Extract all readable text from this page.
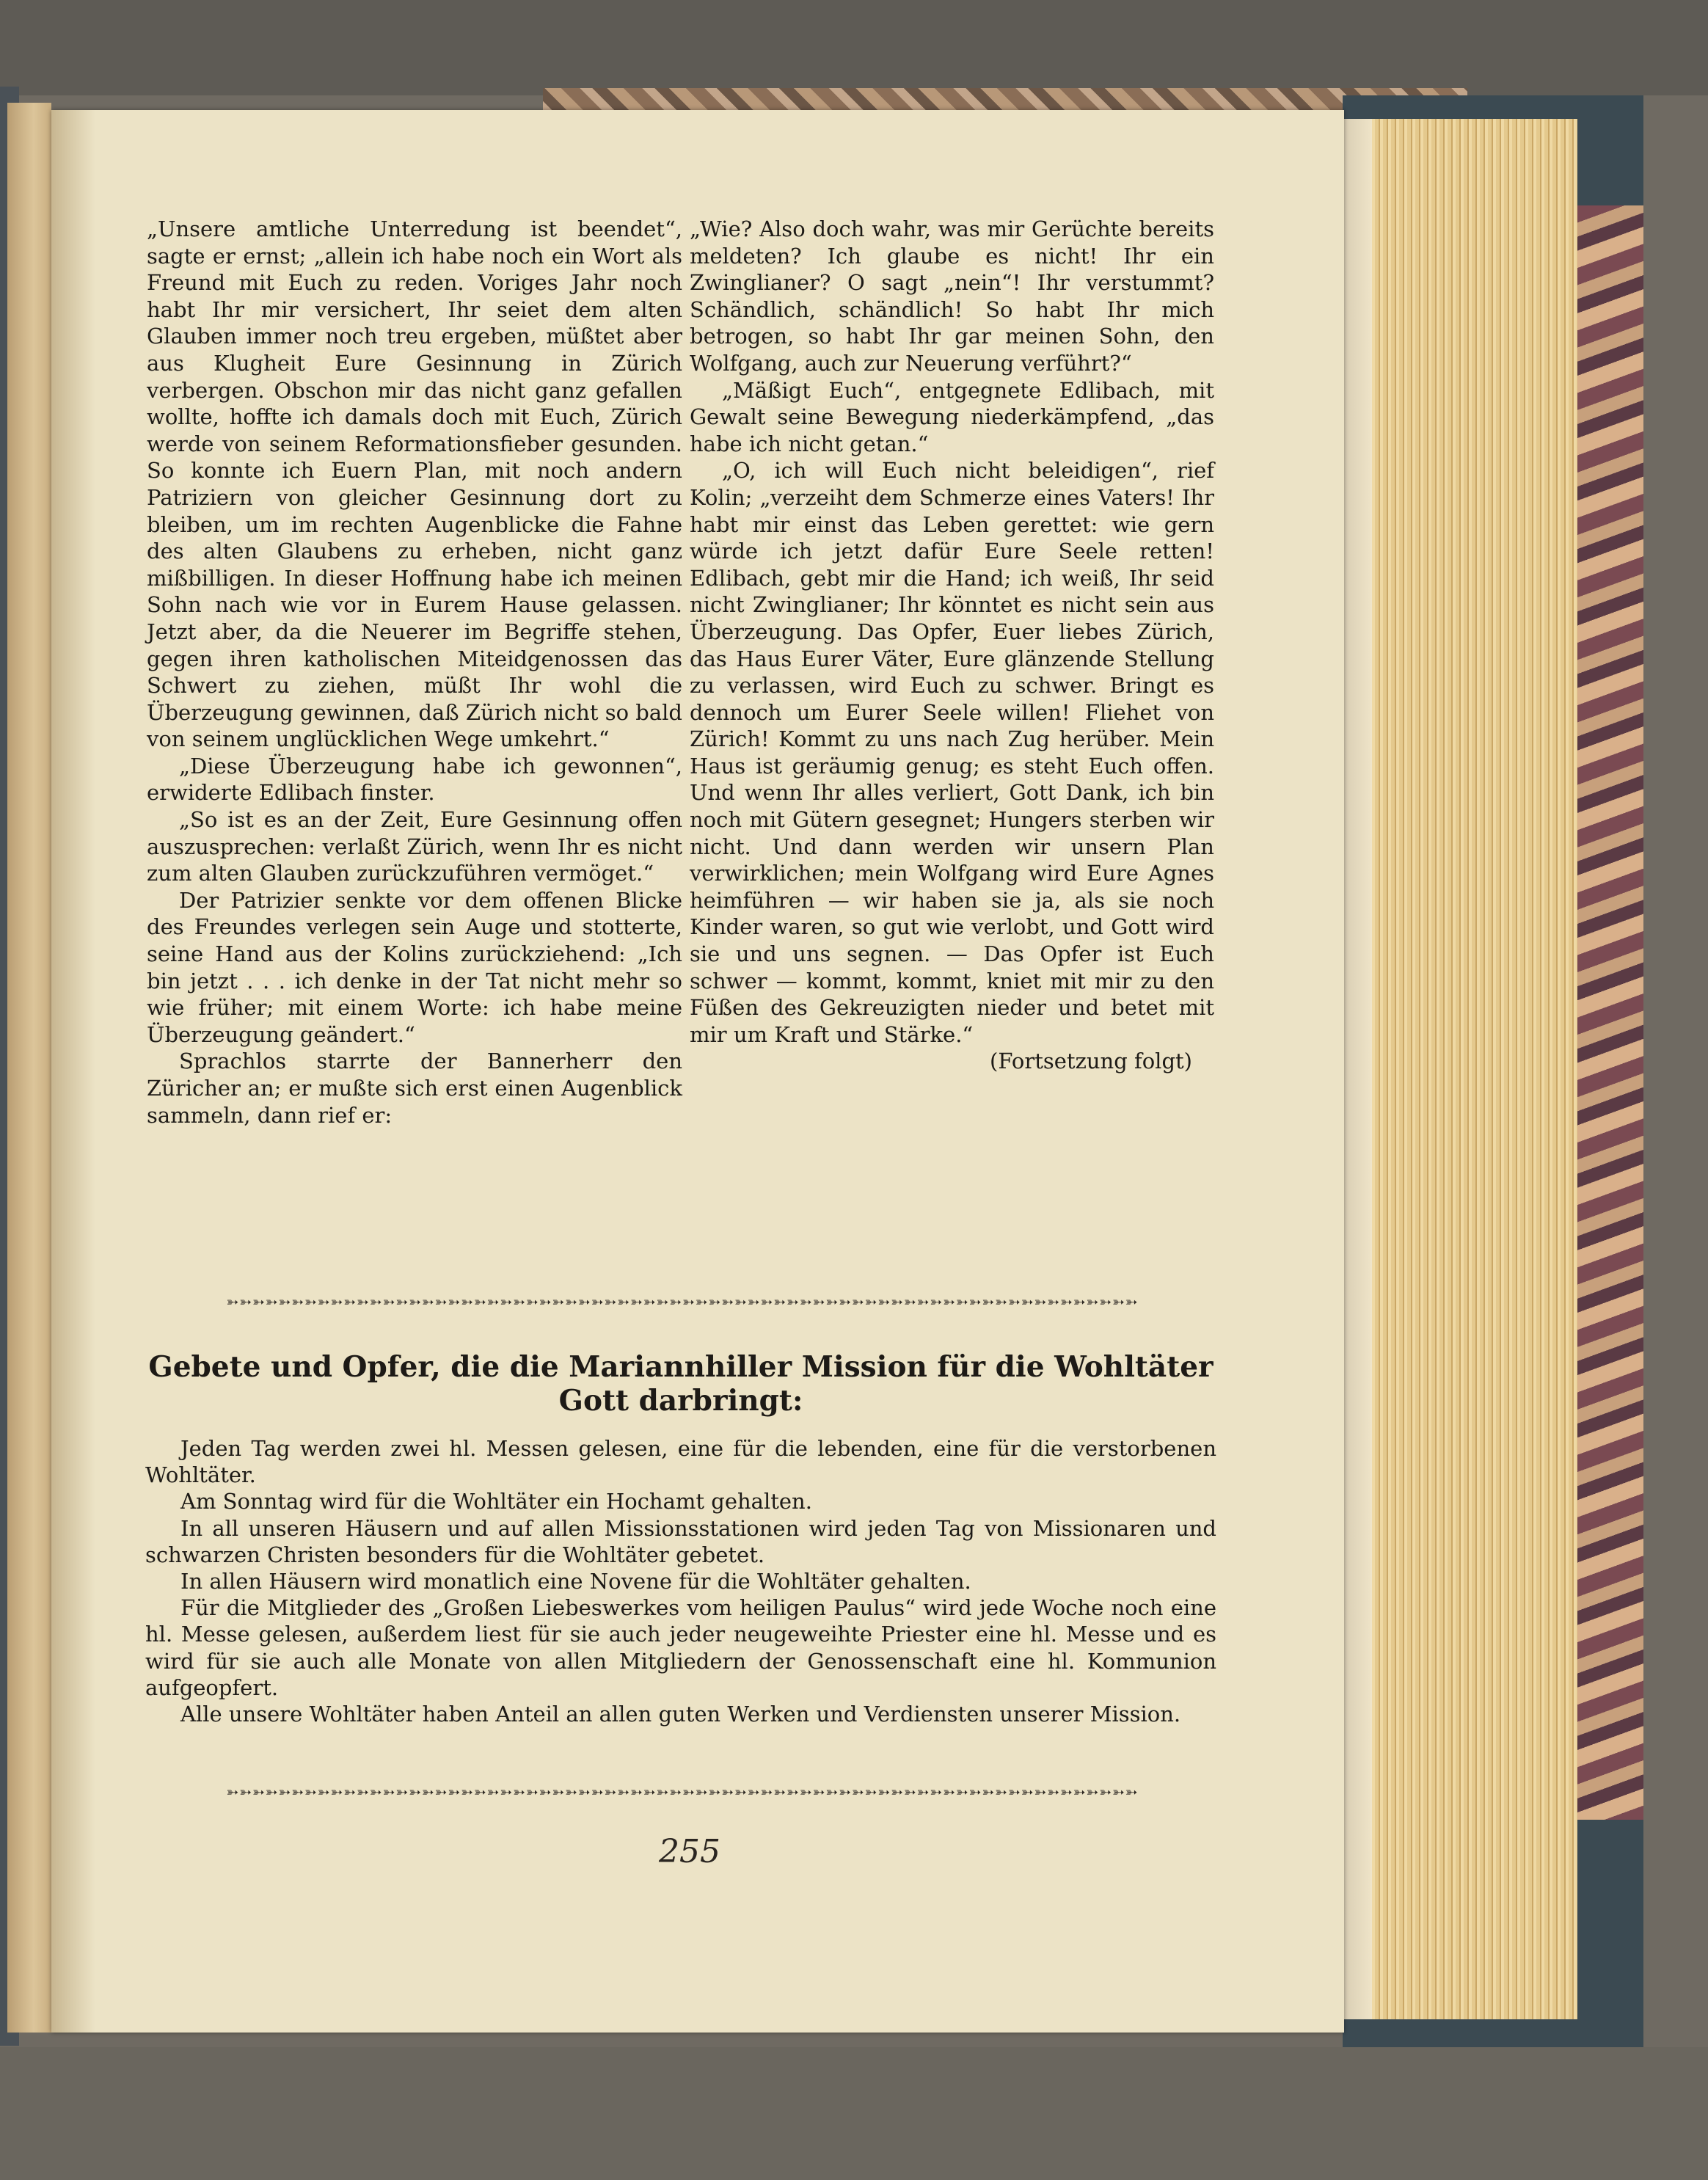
„Unsere amtliche Unterredung ist beendet“, sagte er ernst; „allein ich habe noch ein Wort als Freund mit Euch zu reden. Voriges Jahr noch habt Ihr mir versichert, Ihr seiet dem alten Glauben immer noch treu ergeben, müßtet aber aus Klugheit Eure Gesinnung in Zürich verbergen. Obschon mir das nicht ganz gefallen wollte, hoffte ich damals doch mit Euch, Zürich werde von seinem Reformationsfieber gesunden. So konnte ich Euern Plan, mit noch andern Patriziern von gleicher Gesinnung dort zu bleiben, um im rechten Augenblicke die Fahne des alten Glaubens zu erheben, nicht ganz mißbilligen. In dieser Hoffnung habe ich meinen Sohn nach wie vor in Eurem Hause gelassen. Jetzt aber, da die Neuerer im Begriffe stehen, gegen ihren katholischen Miteidgenossen das Schwert zu ziehen, müßt Ihr wohl die Überzeugung gewinnen, daß Zürich nicht so bald von seinem unglücklichen Wege umkehrt.“

„Diese Überzeugung habe ich gewonnen“, erwiderte Edlibach finster.

„So ist es an der Zeit, Eure Gesinnung offen auszusprechen: verlaßt Zürich, wenn Ihr es nicht zum alten Glauben zurückzuführen vermöget.“

Der Patrizier senkte vor dem offenen Blicke des Freundes verlegen sein Auge und stotterte, seine Hand aus der Kolins zurückziehend: „Ich bin jetzt . . . ich denke in der Tat nicht mehr so wie früher; mit einem Worte: ich habe meine Überzeugung geändert.“

Sprachlos starrte der Bannerherr den Züricher an; er mußte sich erst einen Augenblick sammeln, dann rief er:

„Wie? Also doch wahr, was mir Gerüchte bereits meldeten? Ich glaube es nicht! Ihr ein Zwinglianer? O sagt „nein“! Ihr verstummt? Schändlich, schändlich! So habt Ihr mich betrogen, so habt Ihr gar meinen Sohn, den Wolfgang, auch zur Neuerung verführt?“

„Mäßigt Euch“, entgegnete Edlibach, mit Gewalt seine Bewegung niederkämpfend, „das habe ich nicht getan.“

„O, ich will Euch nicht beleidigen“, rief Kolin; „verzeiht dem Schmerze eines Vaters! Ihr habt mir einst das Leben gerettet: wie gern würde ich jetzt dafür Eure Seele retten! Edlibach, gebt mir die Hand; ich weiß, Ihr seid nicht Zwinglianer; Ihr könntet es nicht sein aus Überzeugung. Das Opfer, Euer liebes Zürich, das Haus Eurer Väter, Eure glänzende Stellung zu verlassen, wird Euch zu schwer. Bringt es dennoch um Eurer Seele willen! Fliehet von Zürich! Kommt zu uns nach Zug herüber. Mein Haus ist geräumig genug; es steht Euch offen. Und wenn Ihr alles verliert, Gott Dank, ich bin noch mit Gütern gesegnet; Hungers sterben wir nicht. Und dann werden wir unsern Plan verwirklichen; mein Wolfgang wird Eure Agnes heimführen — wir haben sie ja, als sie noch Kinder waren, so gut wie verlobt, und Gott wird sie und uns segnen. — Das Opfer ist Euch schwer — kommt, kommt, kniet mit mir zu den Füßen des Gekreuzigten nieder und betet mit mir um Kraft und Stärke.“

(Fortsetzung folgt)

➳➳➳➳➳➳➳➳➳➳➳➳➳➳➳➳➳➳➳➳➳➳➳➳➳➳➳➳➳➳➳➳➳➳➳➳➳➳➳➳➳➳➳➳➳➳➳➳➳➳➳➳➳➳➳➳➳➳➳➳➳➳➳➳➳➳➳➳➳➳
Gebete und Opfer, die die Mariannhiller Mission für die Wohltäter Gott darbringt:

Jeden Tag werden zwei hl. Messen gelesen, eine für die lebenden, eine für die verstorbenen Wohltäter.

Am Sonntag wird für die Wohltäter ein Hochamt gehalten.

In all unseren Häusern und auf allen Missionsstationen wird jeden Tag von Missionaren und schwarzen Christen besonders für die Wohltäter gebetet.

In allen Häusern wird monatlich eine Novene für die Wohltäter gehalten.

Für die Mitglieder des „Großen Liebeswerkes vom heiligen Paulus“ wird jede Woche noch eine hl. Messe gelesen, außerdem liest für sie auch jeder neugeweihte Priester eine hl. Messe und es wird für sie auch alle Monate von allen Mitgliedern der Genossenschaft eine hl. Kommunion aufgeopfert.

Alle unsere Wohltäter haben Anteil an allen guten Werken und Verdiensten unserer Mission.

➳➳➳➳➳➳➳➳➳➳➳➳➳➳➳➳➳➳➳➳➳➳➳➳➳➳➳➳➳➳➳➳➳➳➳➳➳➳➳➳➳➳➳➳➳➳➳➳➳➳➳➳➳➳➳➳➳➳➳➳➳➳➳➳➳➳➳➳➳➳
255
